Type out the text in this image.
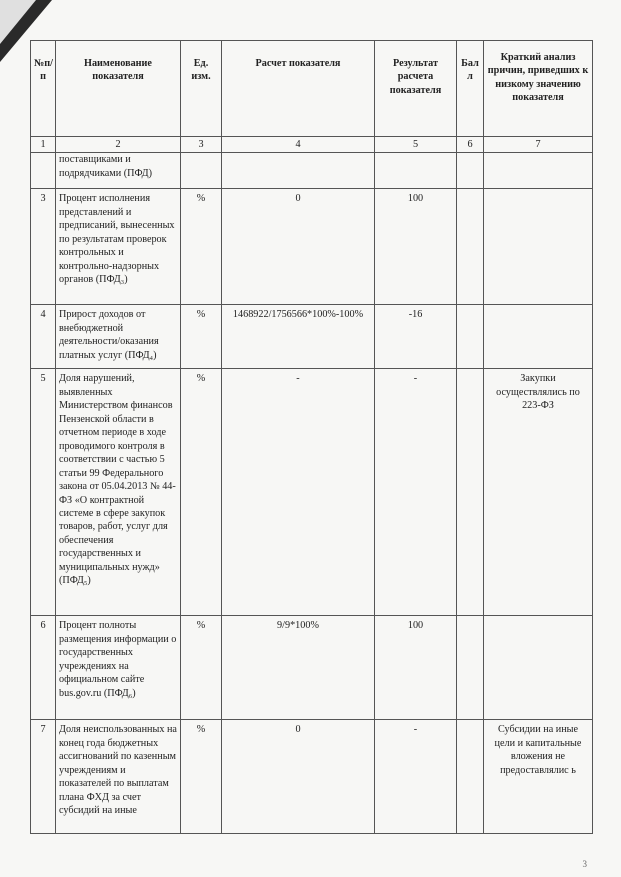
№п/п	Наименование показателя	Ед. изм.	Расчет показателя	Результат расчета показателя	Бал л	Краткий анализ причин, приведших к низкому значению показателя
1	2	3	4	5	6	7
	поставщиками и подрядчиками (ПФД)					
3	Процент исполнения представлений и предписаний, вынесенных по результатам проверок контрольных и контрольно-надзорных органов (ПФД₃)	%	0	100		
4	Прирост доходов от внебюджетной деятельности/оказания платных услуг (ПФД₄)	%	1468922/1756566*100%-100%	-16		
5	Доля нарушений, выявленных Министерством финансов Пензенской области в отчетном периоде в ходе проводимого контроля в соответствии с частью 5 статьи 99 Федерального закона от 05.04.2013 № 44-ФЗ «О контрактной системе в сфере закупок товаров, работ, услуг для обеспечения государственных и муниципальных нужд» (ПФД₅)	%	-	-		Закупки осуществлялись по 223-ФЗ
6	Процент полноты размещения информации о государственных учреждениях на официальном сайте bus.gov.ru (ПФД₆)	%	9/9*100%	100		
7	Доля неиспользованных на конец года бюджетных ассигнований по казенным учреждениям и показателей по выплатам плана ФХД за счет субсидий на иные	%	0	-		Субсидии на иные цели и капитальные вложения не предоставлялис ь
3
